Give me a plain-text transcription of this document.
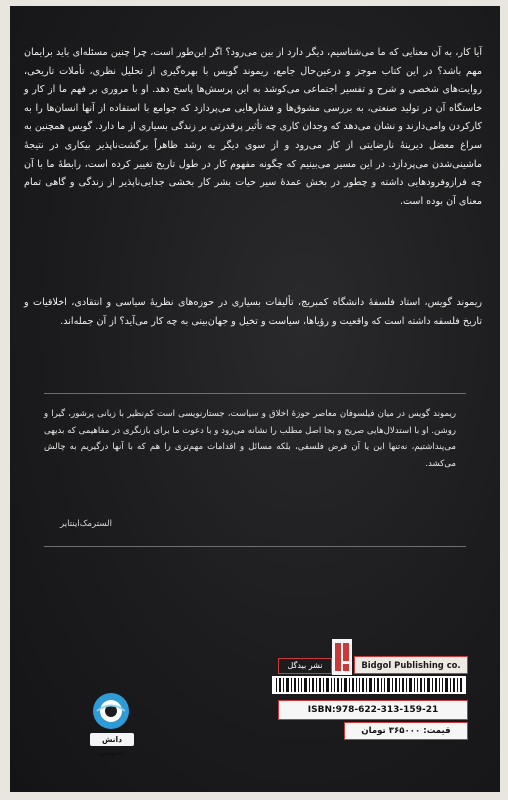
آیا کار، به آن معنایی که ما می‌شناسیم، دیگر دارد از بین می‌رود؟ اگر این‌طور است، چرا چنین مسئله‌ای باید برایمان مهم باشد؟ در این کتاب موجز و درعین‌حال جامع، ریموند گویس با بهره‌گیری از تحلیل نظری، تأملات تاریخی، روایت‌های شخصی و شرح و تفسیر اجتماعی می‌کوشد به این پرسش‌ها پاسخ دهد. او با مروری بر فهم ما از کار و خاستگاه آن در تولید صنعتی، به بررسی مشوق‌ها و فشارهایی می‌پردازد که جوامع با استفاده از آنها انسان‌ها را به کارکردن وامی‌دارند و نشان می‌دهد که وجدان کاری چه تأثیر پرقدرتی بر زندگی بسیاری از ما دارد. گویس همچنین به سراغ معضل دیرینهٔ نارضایتی از کار می‌رود و از سوی دیگر به رشد ظاهراً برگشت‌ناپذیر بیکاری در نتیجهٔ ماشینی‌شدن می‌پردازد. در این مسیر می‌بینیم که چگونه مفهوم کار در طول تاریخ تغییر کرده است، رابطهٔ ما با آن چه فرازوفرودهایی داشته و چطور در بخش عمدهٔ سیر حیات بشر کار بخشی جدایی‌ناپذیر از زندگی و گاهی تمام معنای آن بوده است.

ریموند گویس، استاد فلسفهٔ دانشگاه کمبریج، تألیفات بسیاری در حوزه‌های نظریهٔ سیاسی و انتقادی، اخلاقیات و تاریخ فلسفه داشته است که واقعیت و رؤیاها، سیاست و تخیل و جهان‌بینی به چه کار می‌آید؟ از آن جمله‌اند.

ریموند گویس در میان فیلسوفان معاصر حوزهٔ اخلاق و سیاست، جستارنویسی است کم‌نظیر با زبانی پرشور، گیرا و روشن. او با استدلال‌هایی صریح و بجا اصل مطلب را نشانه می‌رود و با دعوت ما برای بازنگری در مفاهیمی که بدیهی می‌پنداشتیم، نه‌تنها این یا آن فرض فلسفی، بلکه مسائل و اقدامات مهم‌تری را هم که با آنها درگیریم به چالش می‌کشد.

السترمک‌اینتایر
دانش عمومی
نشر بیدگل	Bidgol Publishing co.
ISBN:978-622-313-159-21
قیمت: ۳۶۵۰۰۰ تومان
